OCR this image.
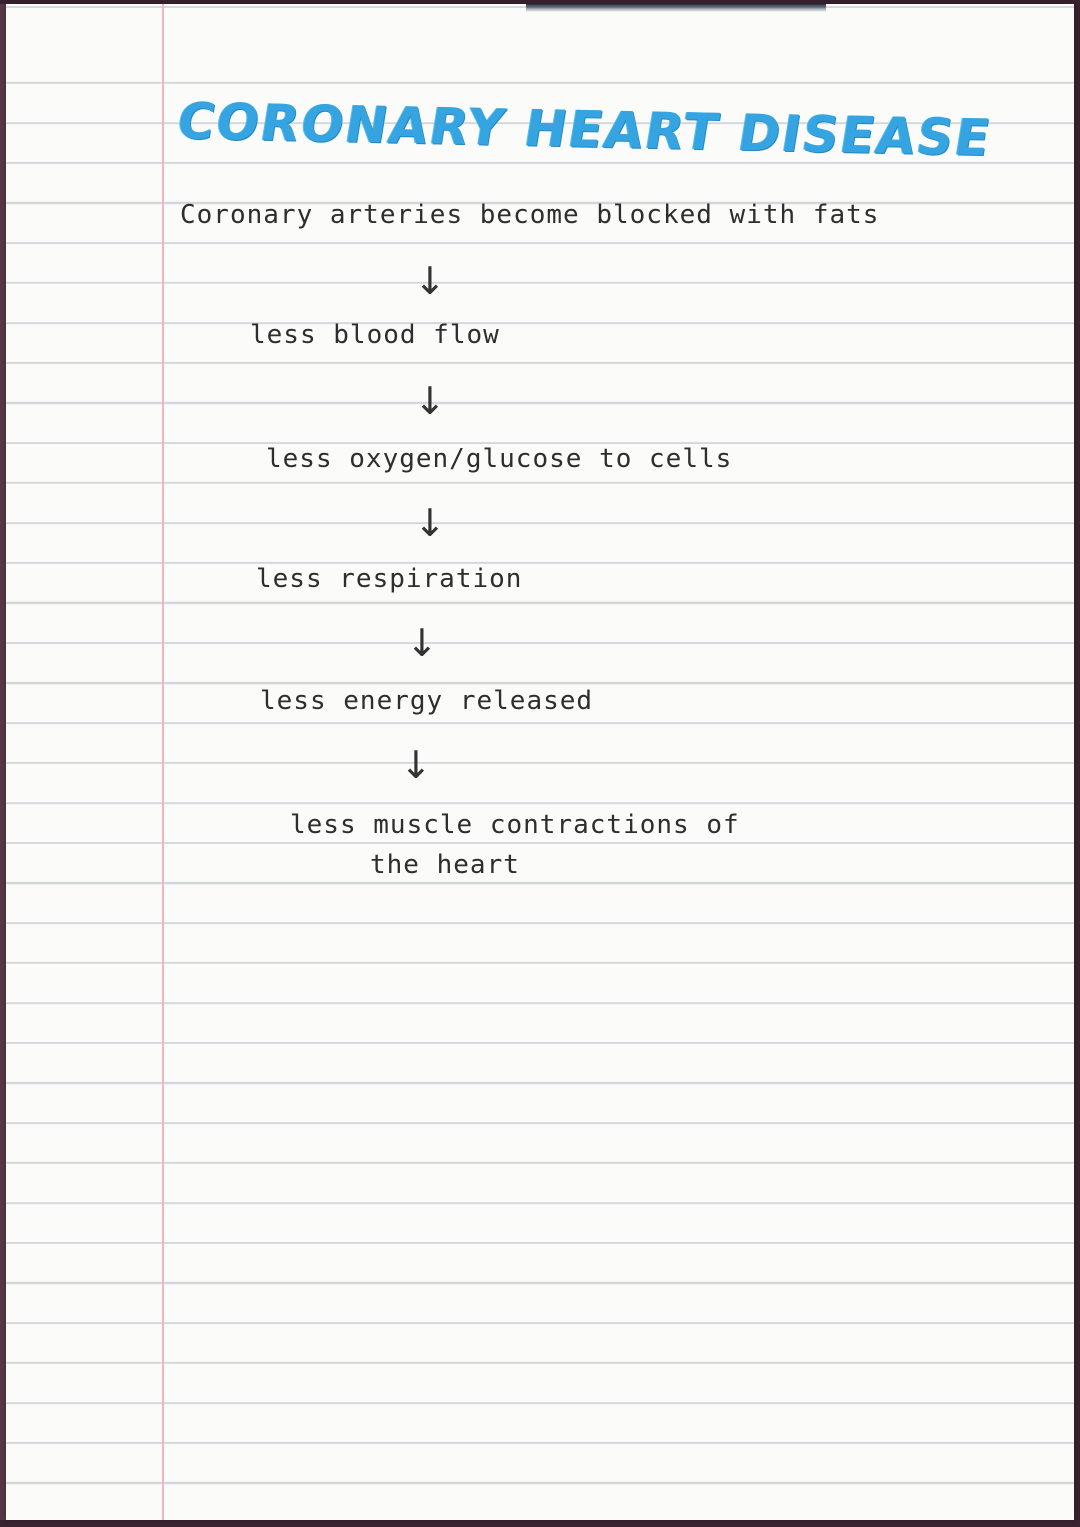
CORONARY HEART DISEASE
Coronary arteries become blocked with fats
↓
less blood flow
↓
less oxygen/glucose to cells
↓
less respiration
↓
less energy released
↓
less muscle contractions of
the heart
